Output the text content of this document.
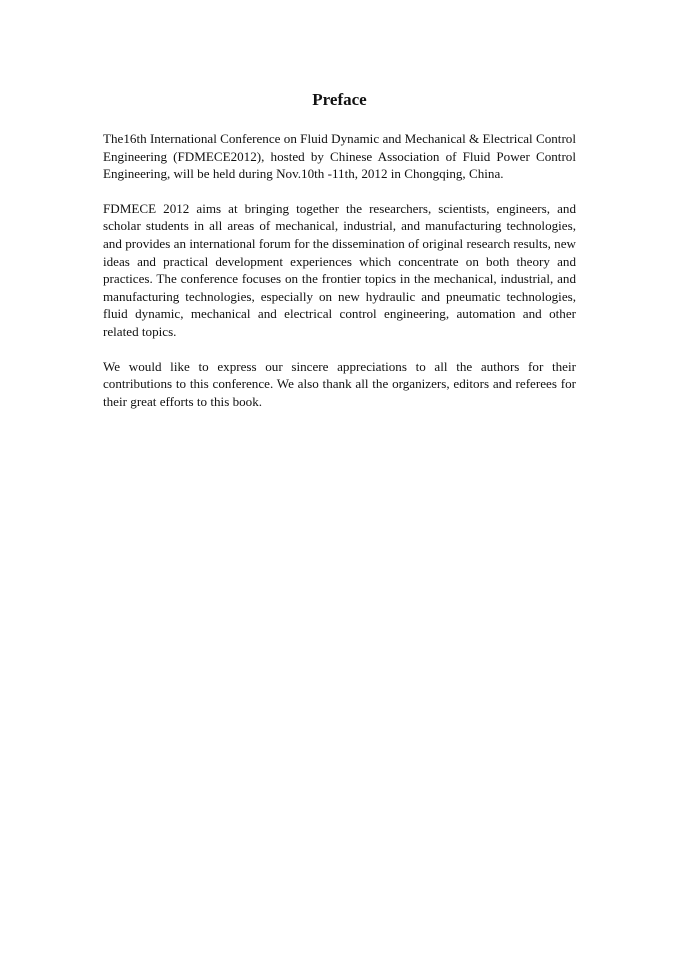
Preface

The16th International Conference on Fluid Dynamic and Mechanical & Electrical Control Engineering (FDMECE2012), hosted by Chinese Association of Fluid Power Control Engineering, will be held during Nov.10th -11th, 2012 in Chongqing, China.

FDMECE 2012 aims at bringing together the researchers, scientists, engineers, and scholar students in all areas of mechanical, industrial, and manufacturing technologies, and provides an international forum for the dissemination of original research results, new ideas and practical development experiences which concentrate on both theory and practices. The conference focuses on the frontier topics in the mechanical, industrial, and manufacturing technologies, especially on new hydraulic and pneumatic technologies, fluid dynamic, mechanical and electrical control engineering, automation and other related topics.

We would like to express our sincere appreciations to all the authors for their contributions to this conference. We also thank all the organizers, editors and referees for their great efforts to this book.
